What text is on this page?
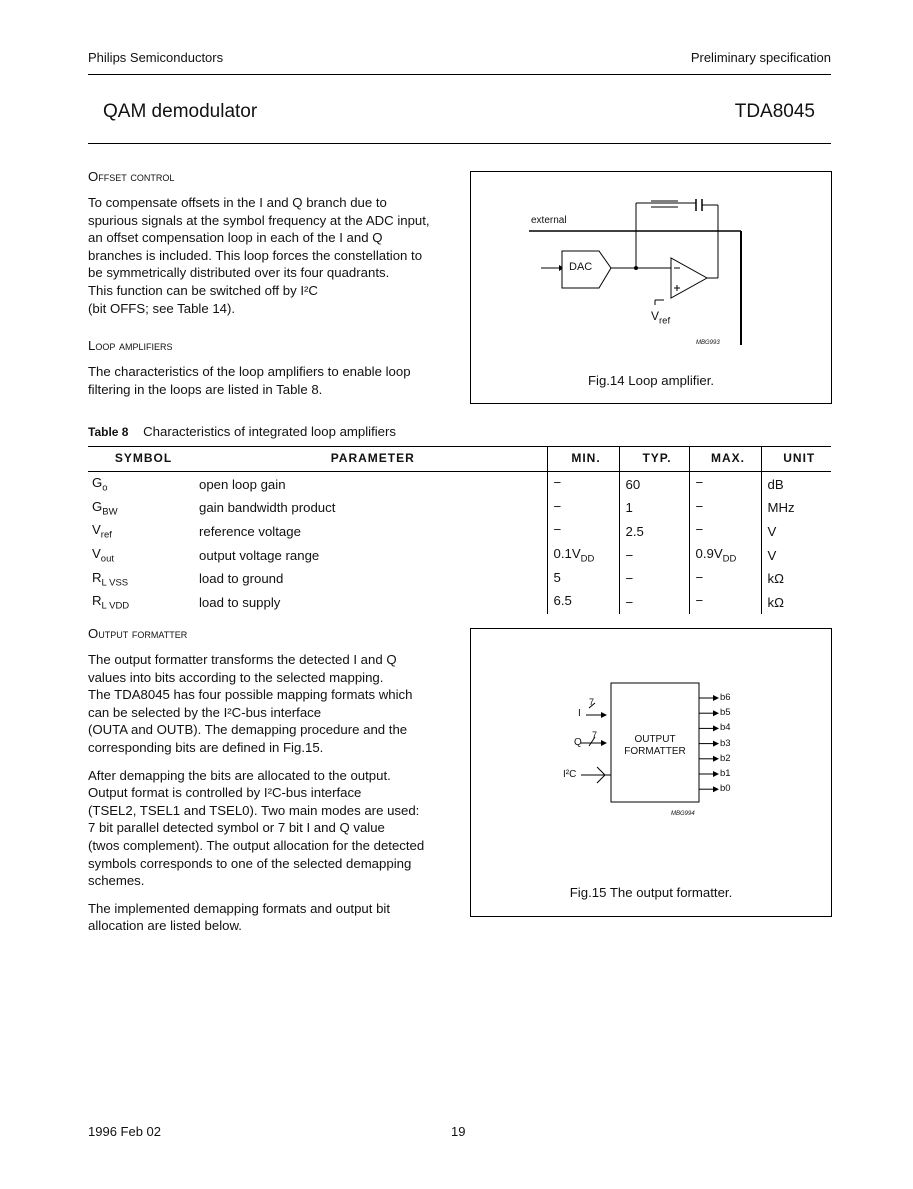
Philips Semiconductors	Preliminary specification
QAM demodulator	TDA8045
Offset control
To compensate offsets in the I and Q branch due to
spurious signals at the symbol frequency at the ADC input,
an offset compensation loop in each of the I and Q
branches is included. This loop forces the constellation to
be symmetrically distributed over its four quadrants.
This function can be switched off by I²C
(bit OFFS; see Table 14).
Loop amplifiers
The characteristics of the loop amplifiers to enable loop
filtering in the loops are listed in Table 8.
external
DAC
$V_{ref}$
MBG993
Fig.14 Loop amplifier.
Table 8 Characteristics of integrated loop amplifiers
SYMBOL	PARAMETER	MIN.	TYP.	MAX.	UNIT
$G_o$	open loop gain	−	60	−	dB
$G_{BW}$	gain bandwidth product	−	1	−	MHz
$V_{ref}$	reference voltage	−	2.5	−	V
$V_{out}$	output voltage range	$0.1V_{DD}$	−	$0.9V_{DD}$	V
$R_{L VSS}$	load to ground	5	−	−	kΩ
$R_{L VDD}$	load to supply	6.5	−	−	kΩ
Output formatter

The output formatter transforms the detected I and Q
values into bits according to the selected mapping.
The TDA8045 has four possible mapping formats which
can be selected by the I²C-bus interface
(OUTA and OUTB). The demapping procedure and the
corresponding bits are defined in Fig.15.

After demapping the bits are allocated to the output.
Output format is controlled by I²C-bus interface
(TSEL2, TSEL1 and TSEL0). Two main modes are used:
7 bit parallel detected symbol or 7 bit I and Q value
(twos complement). The output allocation for the detected
symbols corresponds to one of the selected demapping
schemes.

The implemented demapping formats and output bit
allocation are listed below.

OUTPUT
FORMATTER
I
7
Q
7
I²C
b6
b5
b4
b3
b2
b1
b0
MBG994
Fig.15 The output formatter.
1996 Feb 02	19
